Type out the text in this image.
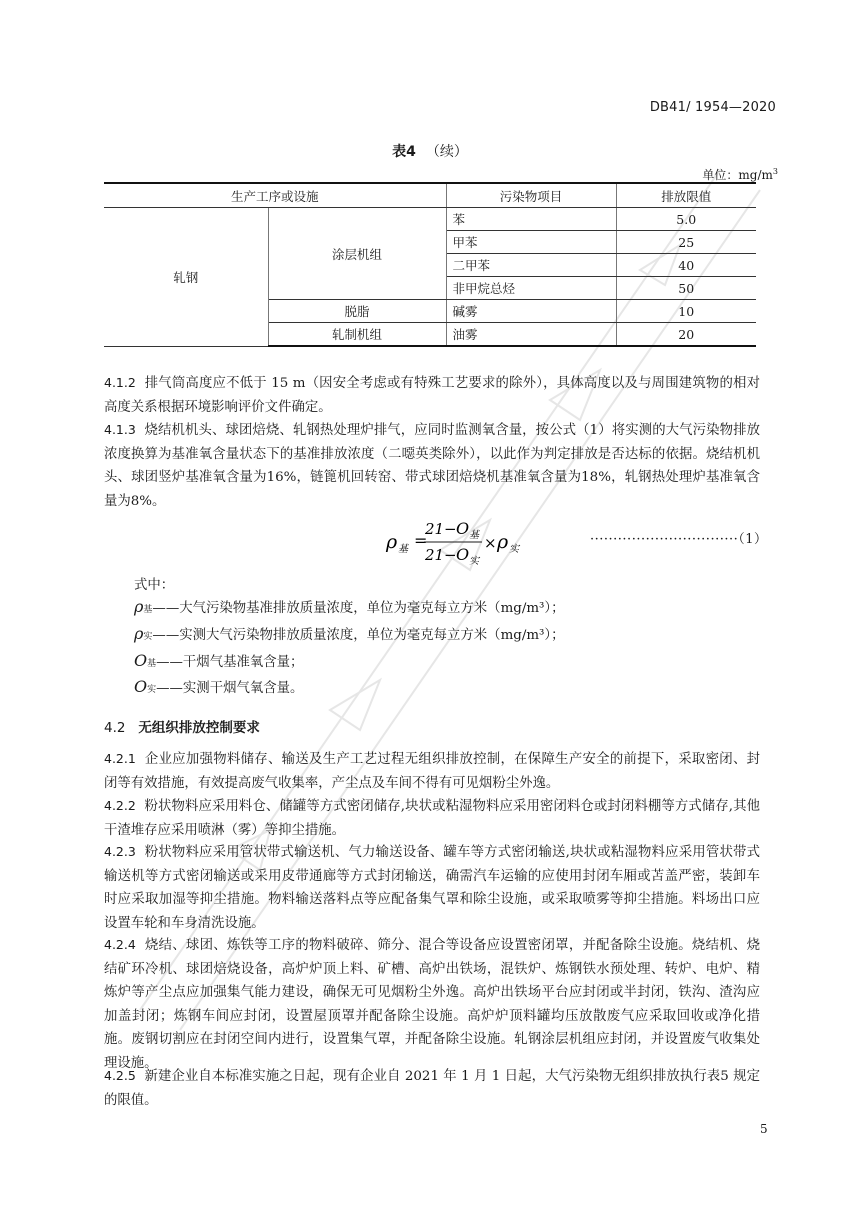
DB41/ 1954—2020
表4 （续）
单位：$mg/m^3$
生产工序或设施		污染物项目	排放限值
轧钢	涂层机组	苯	5.0
		甲苯	25
		二甲苯	40
		非甲烷总烃	50
	脱脂	碱雾	10
	轧制机组	油雾	20
4.1.2 排气筒高度应不低于 15 m（因安全考虑或有特殊工艺要求的除外），具体高度以及与周围建筑物的相对高度关系根据环境影响评价文件确定。
4.1.3 烧结机机头、球团焙烧、轧钢热处理炉排气，应同时监测氧含量，按公式（1）将实测的大气污染物排放浓度换算为基准氧含量状态下的基准排放浓度（二噁英类除外），以此作为判定排放是否达标的依据。烧结机机头、球团竖炉基准氧含量为16%，链篦机回转窑、带式球团焙烧机基准氧含量为18%，轧钢热处理炉基准氧含量为8%。
ρ 基 =
21 − O 基
21 − O 实
× ρ 实
································（1）
式中：
ρ基——大气污染物基准排放质量浓度，单位为毫克每立方米（mg/m³）；
ρ实——实测大气污染物排放质量浓度，单位为毫克每立方米（mg/m³）；
O基——干烟气基准氧含量；
O实——实测干烟气氧含量。
4.2 无组织排放控制要求
4.2.1 企业应加强物料储存、输送及生产工艺过程无组织排放控制，在保障生产安全的前提下，采取密闭、封闭等有效措施，有效提高废气收集率，产尘点及车间不得有可见烟粉尘外逸。
4.2.2 粉状物料应采用料仓、储罐等方式密闭储存,块状或粘湿物料应采用密闭料仓或封闭料棚等方式储存,其他干渣堆存应采用喷淋（雾）等抑尘措施。
4.2.3 粉状物料应采用管状带式输送机、气力输送设备、罐车等方式密闭输送,块状或粘湿物料应采用管状带式输送机等方式密闭输送或采用皮带通廊等方式封闭输送，确需汽车运输的应使用封闭车厢或苫盖严密，装卸车时应采取加湿等抑尘措施。物料输送落料点等应配备集气罩和除尘设施，或采取喷雾等抑尘措施。料场出口应设置车轮和车身清洗设施。
4.2.4 烧结、球团、炼铁等工序的物料破碎、筛分、混合等设备应设置密闭罩，并配备除尘设施。烧结机、烧结矿环冷机、球团焙烧设备，高炉炉顶上料、矿槽、高炉出铁场，混铁炉、炼钢铁水预处理、转炉、电炉、精炼炉等产尘点应加强集气能力建设，确保无可见烟粉尘外逸。高炉出铁场平台应封闭或半封闭，铁沟、渣沟应加盖封闭；炼钢车间应封闭，设置屋顶罩并配备除尘设施。高炉炉顶料罐均压放散废气应采取回收或净化措施。废钢切割应在封闭空间内进行，设置集气罩，并配备除尘设施。轧钢涂层机组应封闭，并设置废气收集处理设施。
4.2.5 新建企业自本标准实施之日起，现有企业自 2021 年 1 月 1 日起，大气污染物无组织排放执行表5 规定的限值。
5
